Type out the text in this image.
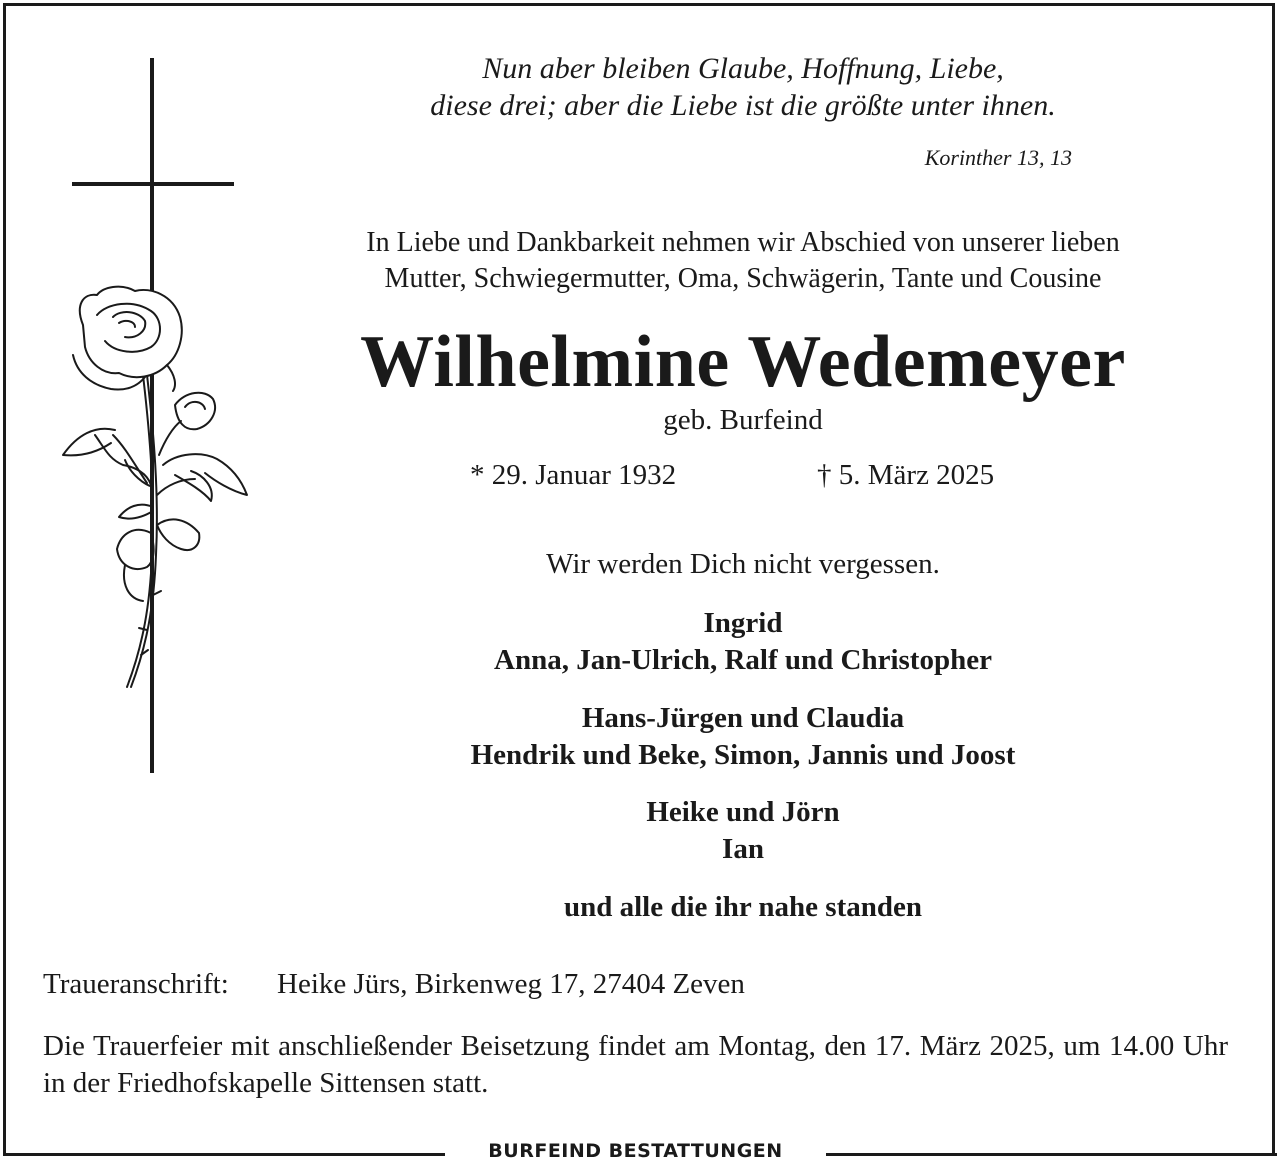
Nun aber bleiben Glaube, Hoffnung, Liebe,
diese drei; aber die Liebe ist die größte unter ihnen.
Korinther 13, 13
In Liebe und Dankbarkeit nehmen wir Abschied von unserer lieben
Mutter, Schwiegermutter, Oma, Schwägerin, Tante und Cousine
Wilhelmine Wedemeyer
geb. Burfeind
* 29. Januar 1932	† 5. März 2025
Wir werden Dich nicht vergessen.
Ingrid
Anna, Jan-Ulrich, Ralf und Christopher
Hans-Jürgen und Claudia
Hendrik und Beke, Simon, Jannis und Joost
Heike und Jörn
Ian
und alle die ihr nahe standen
Traueranschrift: Heike Jürs, Birkenweg 17, 27404 Zeven
Die Trauerfeier mit anschließender Beisetzung findet am Montag, den 17. März 2025, um 14.00 Uhr in der Friedhofskapelle Sittensen statt.
BURFEIND BESTATTUNGEN
